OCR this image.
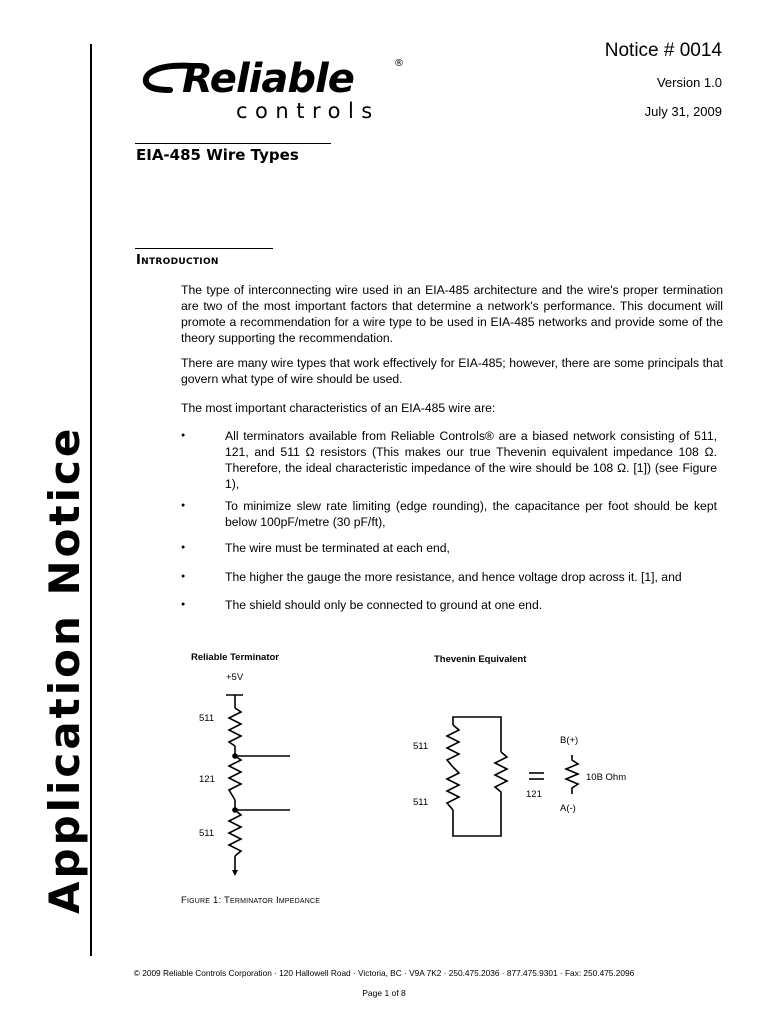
Application Notice
Notice # 0014
Version 1.0
July 31, 2009
Reliable	®
controls
EIA-485 Wire Types
Introduction
The type of interconnecting wire used in an EIA-485 architecture and the wire's proper termination are two of the most important factors that determine a network's performance. This document will promote a recommendation for a wire type to be used in EIA-485 networks and provide some of the theory supporting the recommendation.
There are many wire types that work effectively for EIA-485; however, there are some principals that govern what type of wire should be used.
The most important characteristics of an EIA-485 wire are:
●	All terminators available from Reliable Controls® are a biased network consisting of 511, 121, and 511 Ω resistors (This makes our true Thevenin equivalent impedance 108 Ω. Therefore, the ideal characteristic impedance of the wire should be 108 Ω. [1]) (see Figure 1),
●	To minimize slew rate limiting (edge rounding), the capacitance per foot should be kept below 100pF/metre (30 pF/ft),
●	The wire must be terminated at each end,
●	The higher the gauge the more resistance, and hence voltage drop across it. [1], and
●	The shield should only be connected to ground at one end.
Reliable Terminator
+5V
511
121
511
Thevenin Equivalent
511
511
121
B(+)
A(-)
10B Ohm
Figure 1: Terminator Impedance
© 2009 Reliable Controls Corporation · 120 Hallowell Road · Victoria, BC · V9A 7K2 · 250.475.2036 · 877.475.9301 · Fax: 250.475.2096
Page 1 of 8
